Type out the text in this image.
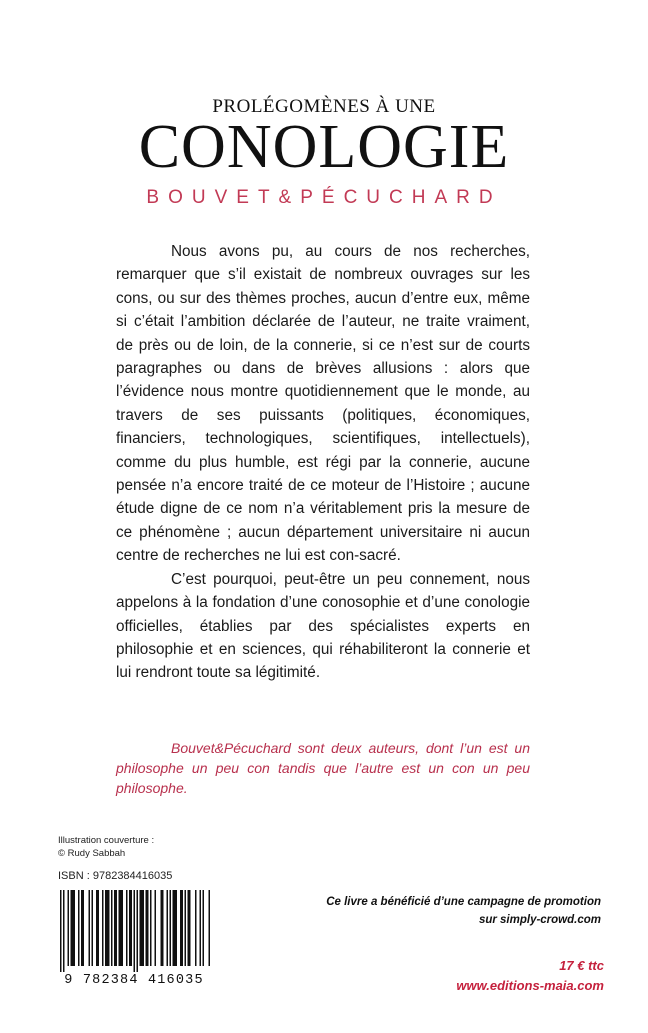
PROLÉGOMÈNES À UNE
CONOLOGIE
BOUVET&PÉCUCHARD

Nous avons pu, au cours de nos recherches, remarquer que s’il existait de nombreux ouvrages sur les cons, ou sur des thèmes proches, aucun d’entre eux, même si c’était l’ambition déclarée de l’auteur, ne traite vraiment, de près ou de loin, de la connerie, si ce n’est sur de courts paragraphes ou dans de brèves allusions : alors que l’évidence nous montre quotidiennement que le monde, au travers de ses puissants (politiques, économiques, financiers, technologiques, scientifiques, intellectuels), comme du plus humble, est régi par la connerie, aucune pensée n’a encore traité de ce moteur de l’Histoire ; aucune étude digne de ce nom n’a véritablement pris la mesure de ce phénomène ; aucun département universitaire ni aucun centre de recherches ne lui est con-sacré.

C’est pourquoi, peut-être un peu connement, nous appelons à la fondation d’une conosophie et d’une conologie officielles, établies par des spécialistes experts en philosophie et en sciences, qui réhabiliteront la connerie et lui rendront toute sa légitimité.

Bouvet&Pécuchard sont deux auteurs, dont l’un est un philosophe un peu con tandis que l’autre est un con un peu philosophe.
Illustration couverture :
© Rudy Sabbah
ISBN : 9782384416035
9 782384 416035
Ce livre a bénéficié d’une campagne de promotion
sur simply-crowd.com
17 € ttc
www.editions-maia.com
